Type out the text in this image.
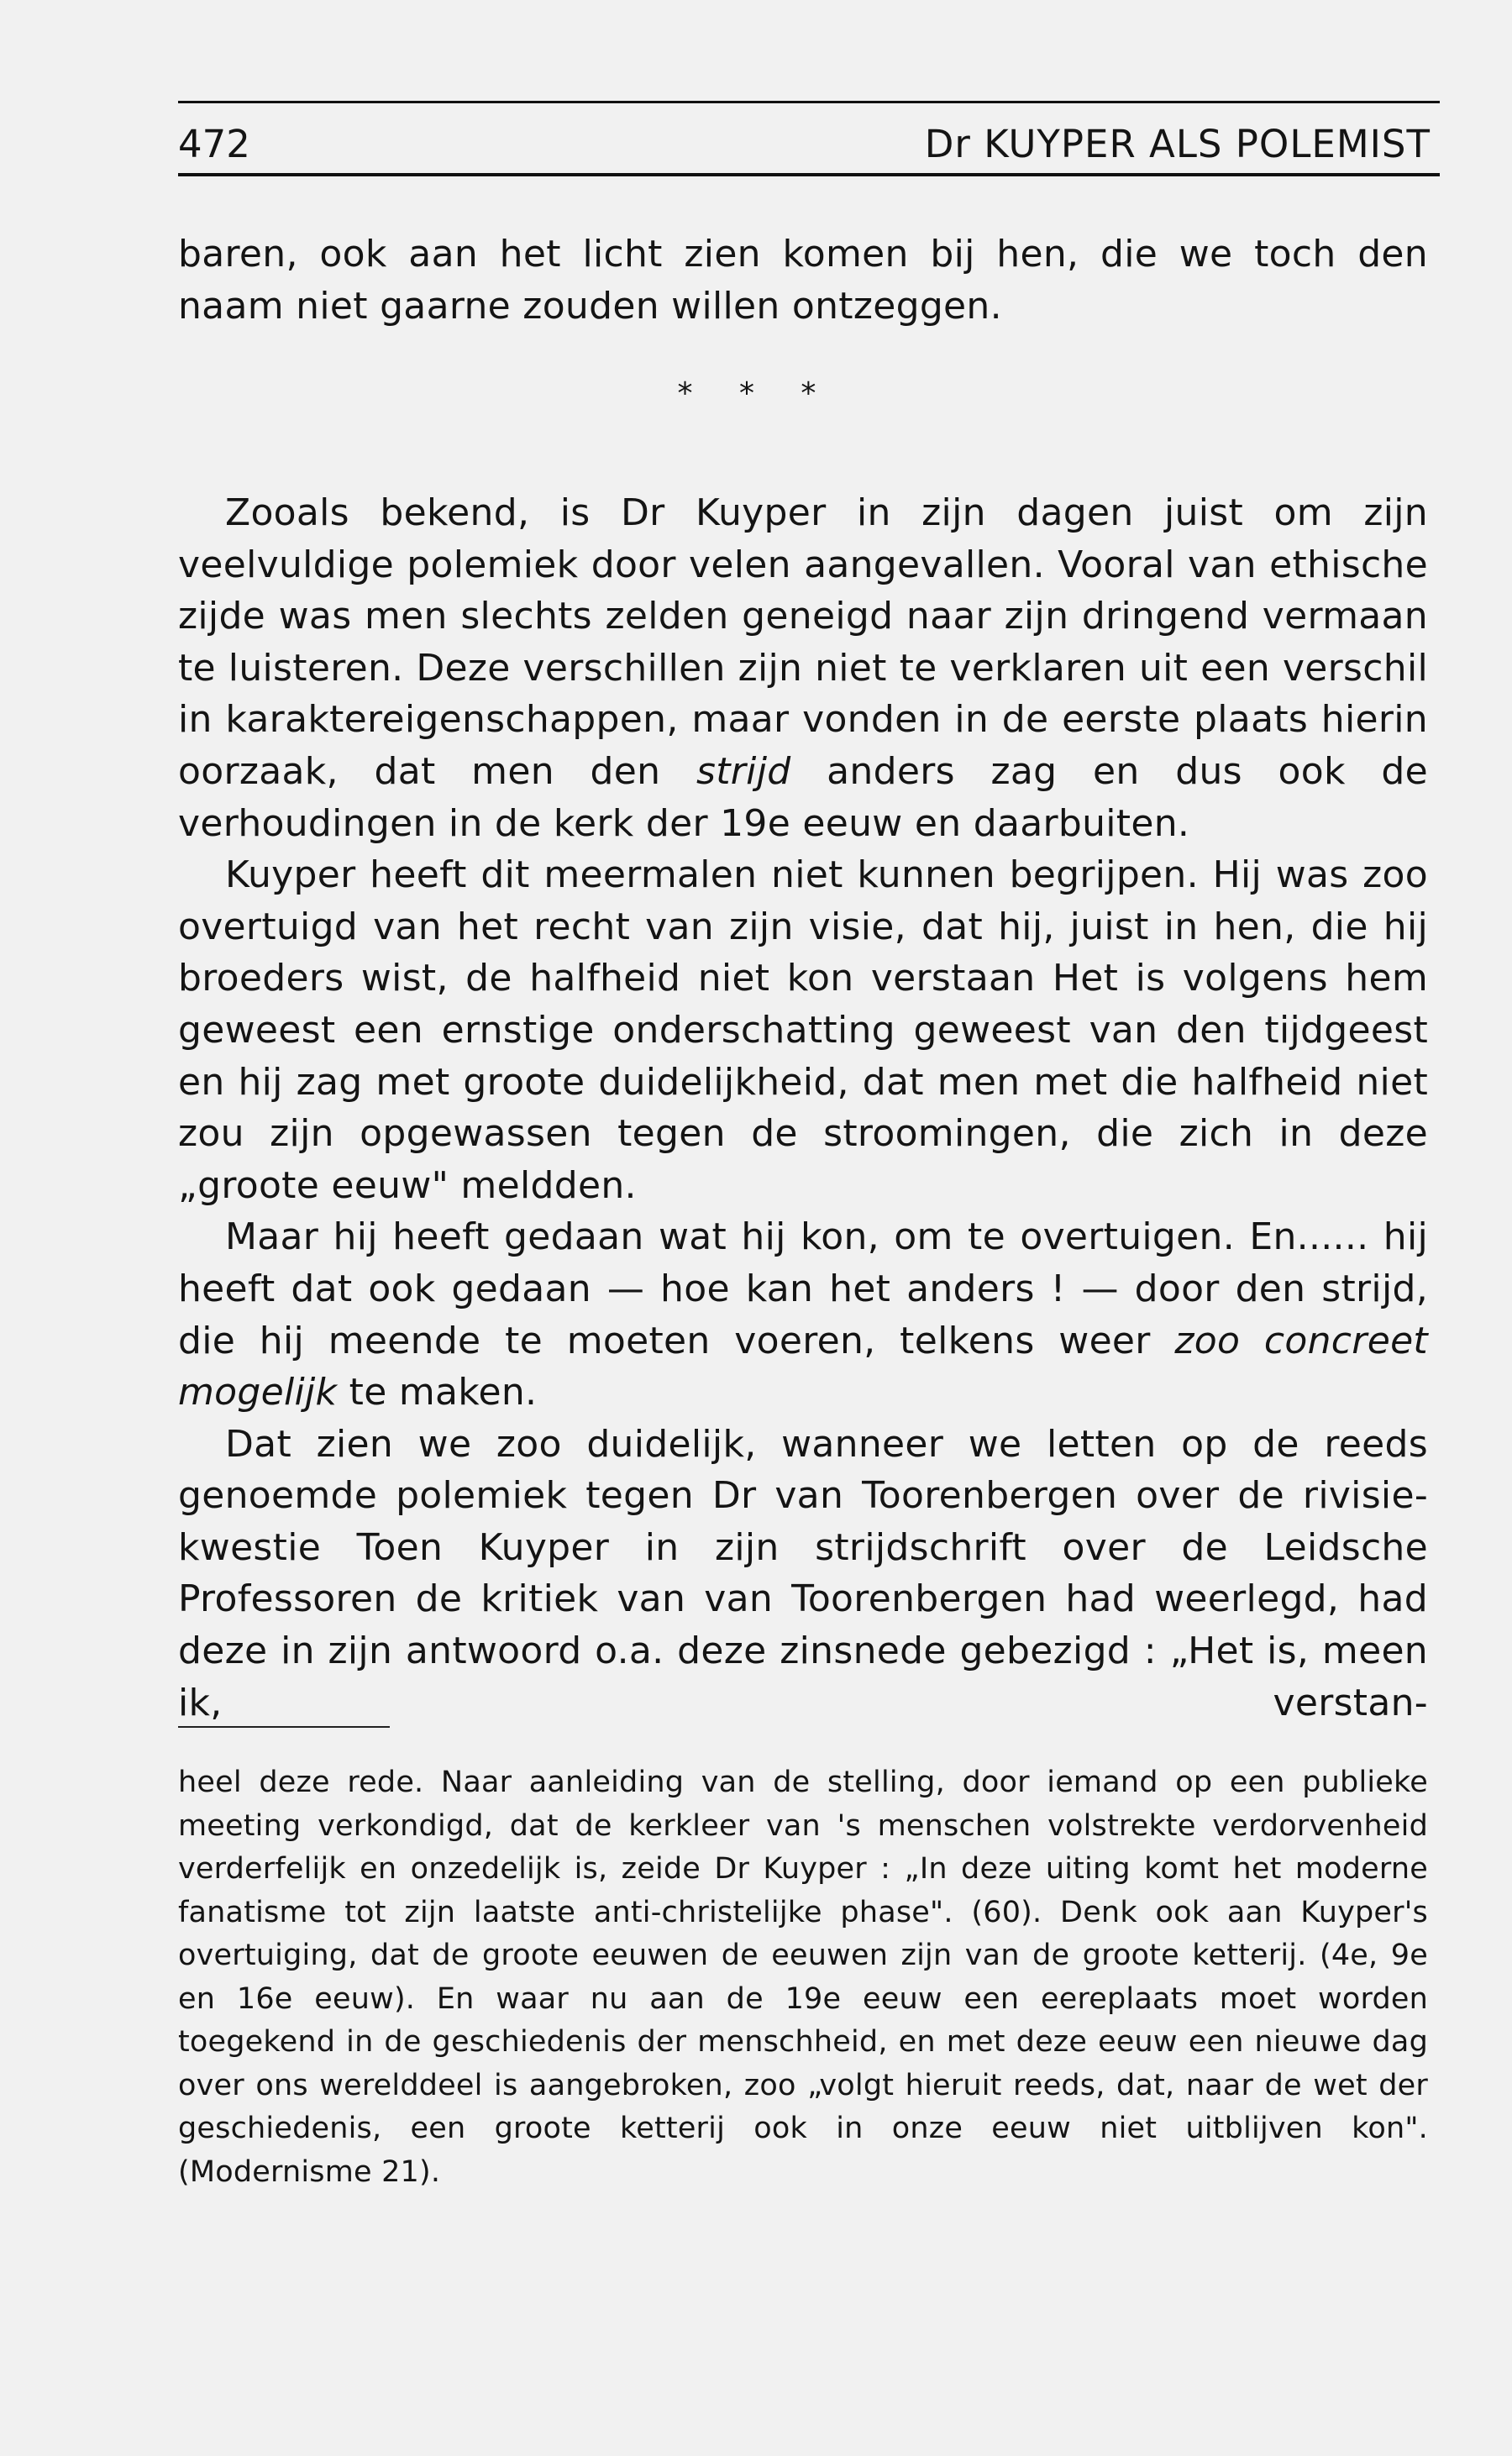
472	Dr KUYPER ALS POLEMIST

baren, ook aan het licht zien komen bij hen, die we toch den naam niet gaarne zouden willen ontzeggen.

* * *

Zooals bekend, is Dr Kuyper in zijn dagen juist om zijn veelvuldige polemiek door velen aangevallen. Vooral van ethische zijde was men slechts zelden geneigd naar zijn dringend vermaan te luisteren. Deze verschillen zijn niet te verklaren uit een verschil in karaktereigenschappen, maar vonden in de eerste plaats hierin oorzaak, dat men den strijd anders zag en dus ook de verhoudingen in de kerk der 19e eeuw en daarbuiten.

Kuyper heeft dit meermalen niet kunnen begrijpen. Hij was zoo overtuigd van het recht van zijn visie, dat hij, juist in hen, die hij broeders wist, de halfheid niet kon verstaan Het is volgens hem geweest een ernstige onderschatting geweest van den tijdgeest en hij zag met groote duidelijkheid, dat men met die halfheid niet zou zijn opgewassen tegen de stroomingen, die zich in deze „groote eeuw" meldden.

Maar hij heeft gedaan wat hij kon, om te overtuigen. En...... hij heeft dat ook gedaan — hoe kan het anders ! — door den strijd, die hij meende te moeten voeren, telkens weer zoo concreet mogelijk te maken.

Dat zien we zoo duidelijk, wanneer we letten op de reeds genoemde polemiek tegen Dr van Toorenbergen over de rivisie-kwestie Toen Kuyper in zijn strijdschrift over de Leidsche Professoren de kritiek van van Toorenbergen had weerlegd, had deze in zijn antwoord o.a. deze zinsnede gebezigd : „Het is, meen ik, verstan-

heel deze rede. Naar aanleiding van de stelling, door iemand op een publieke meeting verkondigd, dat de kerkleer van 's menschen volstrekte verdorvenheid verderfelijk en onzedelijk is, zeide Dr Kuyper : „In deze uiting komt het moderne fanatisme tot zijn laatste anti-christelijke phase". (60). Denk ook aan Kuyper's overtuiging, dat de groote eeuwen de eeuwen zijn van de groote ketterij. (4e, 9e en 16e eeuw). En waar nu aan de 19e eeuw een eereplaats moet worden toegekend in de geschiedenis der menschheid, en met deze eeuw een nieuwe dag over ons werelddeel is aangebroken, zoo „volgt hieruit reeds, dat, naar de wet der geschiedenis, een groote ketterij ook in onze eeuw niet uitblijven kon". (Modernisme 21).
